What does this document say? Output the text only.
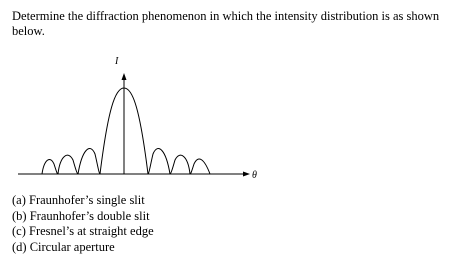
Determine the diffraction phenomenon in which the intensity distribution is as shown below.
θ
I
(a) Fraunhofer’s single slit
(b) Fraunhofer’s double slit
(c) Fresnel’s at straight edge
(d) Circular aperture
